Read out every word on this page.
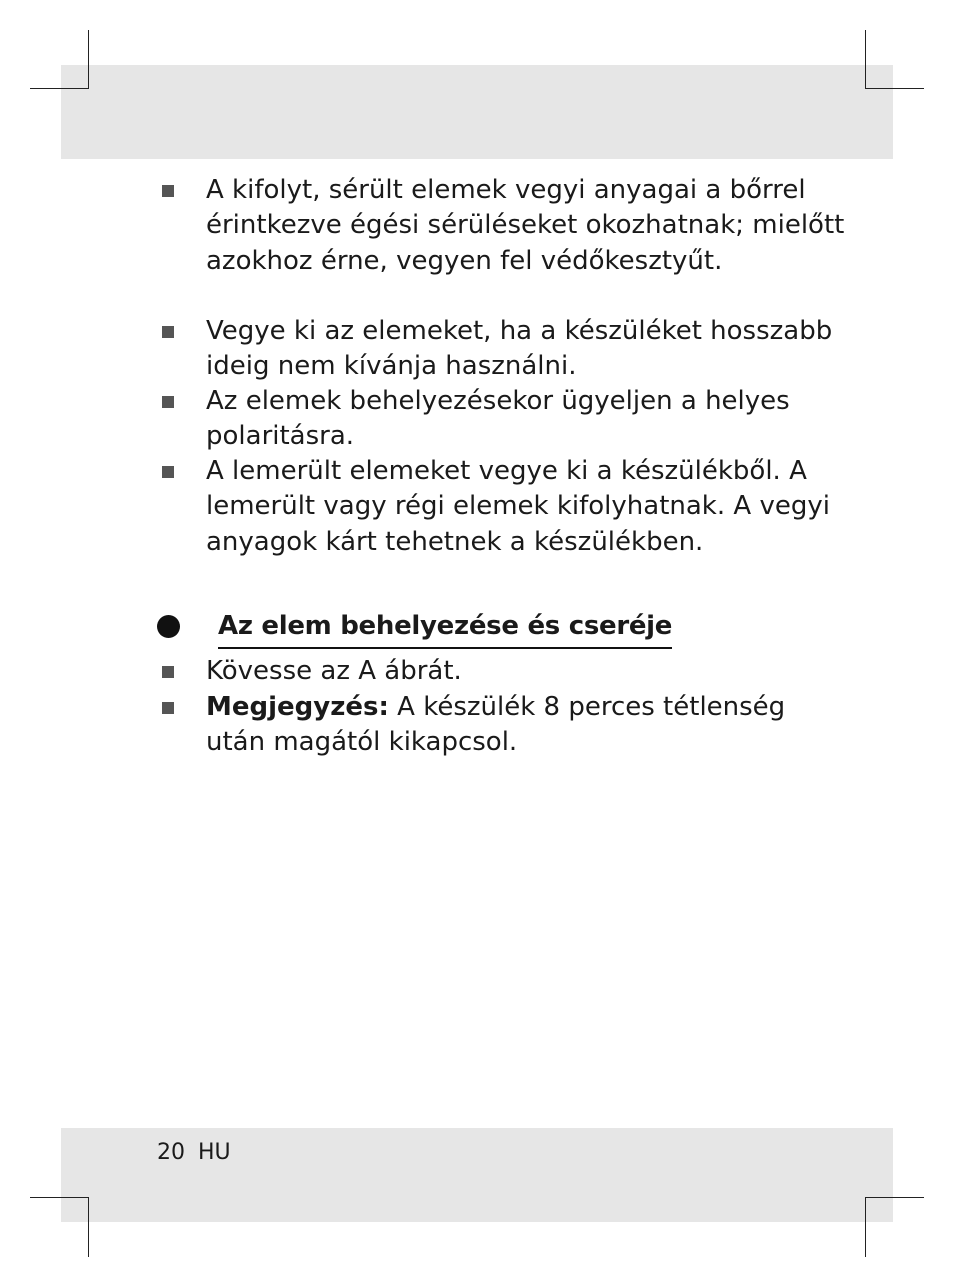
A kifolyt, sérült elemek vegyi anyagai a bőrrel érintkezve égési sérüléseket okozhatnak; mielőtt azokhoz érne, vegyen fel védőkesztyűt.
Vegye ki az elemeket, ha a készüléket hosszabb ideig nem kívánja használni.
Az elemek behelyezésekor ügyeljen a helyes polaritásra.
A lemerült elemeket vegye ki a készülékből. A lemerült vagy régi elemek kifolyhatnak. A vegyi anyagok kárt tehetnek a készülékben.
Az elem behelyezése és cseréje
Kövesse az A ábrát.
Megjegyzés: A készülék 8 perces tétlenség után magától kikapcsol.
20 HU
